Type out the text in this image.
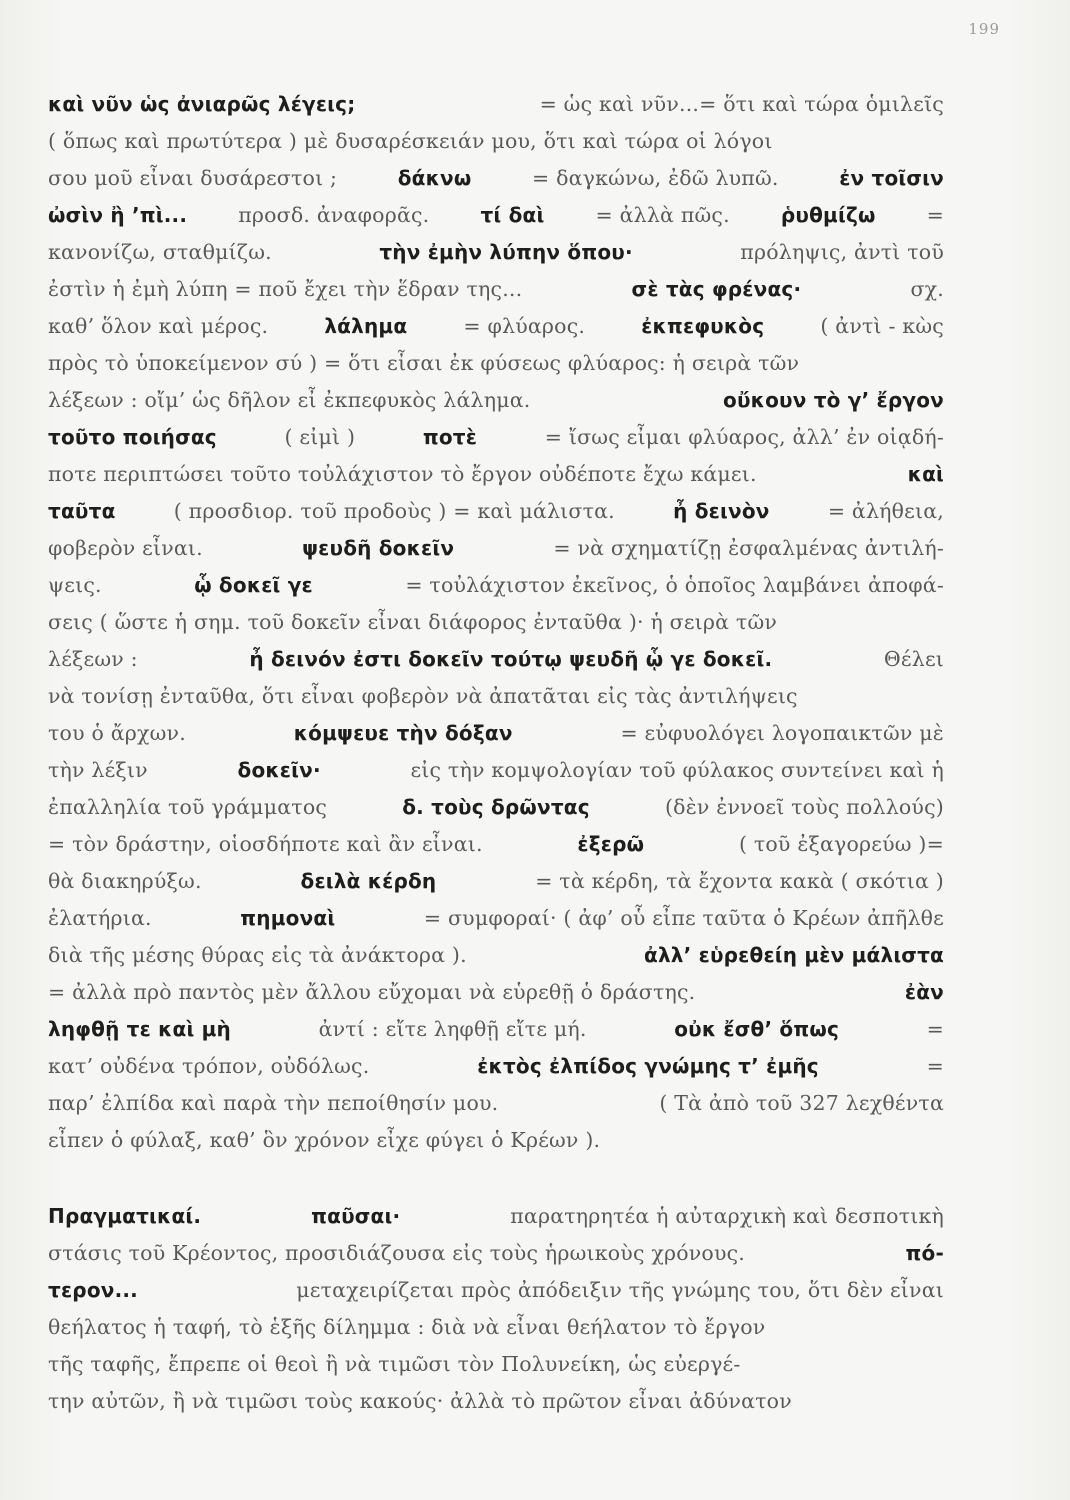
199
καὶ νῦν ὡς ἀνιαρῶς λέγεις;	= ὡς καὶ νῦν...= ὅτι καὶ τώρα ὁμιλεῖς
( ὅπως καὶ πρωτύτερα ) μὲ δυσαρέσκειάν μου, ὅτι καὶ τώρα οἱ λόγοι
σου μοῦ εἶναι δυσάρεστοι ;	δάκνω	= δαγκώνω, ἐδῶ λυπῶ.	ἐν τοῖσιν
ὠσὶν ἢ ’πὶ... προσδ. ἀναφορᾶς.	τί δαὶ = ἀλλὰ πῶς.	ῥυθμίζω =
κανονίζω, σταθμίζω.	τὴν ἐμὴν λύπην ὅπου·	πρόληψις, ἀντὶ τοῦ
ἐστὶν ἡ ἐμὴ λύπη = ποῦ ἔχει τὴν ἕδραν της...	σὲ τὰς φρένας·	σχ.
καθ’ ὅλον καὶ μέρος.	λάλημα	= φλύαρος.	ἐκπεφυκὸς	( ἀντὶ - κὼς
πρὸς τὸ ὑποκείμενον σύ ) = ὅτι εἶσαι ἐκ φύσεως φλύαρος: ἡ σειρὰ τῶν
λέξεων : οἴμ’ ὡς δῆλον εἶ ἐκπεφυκὸς λάλημα.	οὔκουν τὸ γ’ ἔργον
τοῦτο ποιήσας	( εἰμὶ )	ποτὲ	= ἴσως εἶμαι φλύαρος, ἀλλ’ ἐν οἱᾳδή-
ποτε περιπτώσει τοῦτο τοὐλάχιστον τὸ ἔργον οὐδέποτε ἔχω κάμει.	καὶ
ταῦτα	( προσδιορ. τοῦ προδοὺς ) = καὶ μάλιστα.	ἦ δεινὸν	= ἀλήθεια,
φοβερὸν εἶναι.	ψευδῆ δοκεῖν	= νὰ σχηματίζῃ ἐσφαλμένας ἀντιλή-
ψεις.	ᾧ δοκεῖ γε	= τοὐλάχιστον ἐκεῖνος, ὁ ὁποῖος λαμβάνει ἀποφά-
σεις ( ὥστε ἡ σημ. τοῦ δοκεῖν εἶναι διάφορος ἐνταῦθα )· ἡ σειρὰ τῶν
λέξεων :	ἦ δεινόν ἐστι δοκεῖν τούτῳ ψευδῆ ᾧ γε δοκεῖ.	Θέλει
νὰ τονίσῃ ἐνταῦθα, ὅτι εἶναι φοβερὸν νὰ ἀπατᾶται εἰς τὰς ἀντιλήψεις
του ὁ ἄρχων.	κόμψευε τὴν δόξαν	= εὐφυολόγει λογοπαικτῶν μὲ
τὴν λέξιν	δοκεῖν·	εἰς τὴν κομψολογίαν τοῦ φύλακος συντείνει καὶ ἡ
ἐπαλληλία τοῦ γράμματος	δ. τοὺς δρῶντας	(δὲν ἐννοεῖ τοὺς πολλούς)
= τὸν δράστην, οἱοσδήποτε καὶ ἂν εἶναι.	ἐξερῶ	( τοῦ ἐξαγορεύω )=
θὰ διακηρύξω.	δειλὰ κέρδη	= τὰ κέρδη, τὰ ἔχοντα κακὰ ( σκότια )
ἐλατήρια.	πημοναὶ	= συμφοραί· ( ἀφ’ οὗ εἶπε ταῦτα ὁ Κρέων ἀπῆλθε
διὰ τῆς μέσης θύρας εἰς τὰ ἀνάκτορα ).	ἀλλ’ εὑρεθείη μὲν μάλιστα
= ἀλλὰ πρὸ παντὸς μὲν ἄλλου εὔχομαι νὰ εὑρεθῇ ὁ δράστης.	ἐὰν
ληφθῇ τε καὶ μὴ	ἀντί : εἴτε ληφθῇ εἴτε μή.	οὐκ ἔσθ’ ὅπως	=
κατ’ οὐδένα τρόπον, οὐδόλως.	ἐκτὸς ἐλπίδος γνώμης τ’ ἐμῆς	=
παρ’ ἐλπίδα καὶ παρὰ τὴν πεποίθησίν μου.	( Τὰ ἀπὸ τοῦ 327 λεχθέντα
εἶπεν ὁ φύλαξ, καθ’ ὃν χρόνον εἶχε φύγει ὁ Κρέων ).
Πραγματικαί.	παῦσαι·	παρατηρητέα ἡ αὐταρχικὴ καὶ δεσποτικὴ
στάσις τοῦ Κρέοντος, προσιδιάζουσα εἰς τοὺς ἡρωικοὺς χρόνους.	πό-
τερον...	μεταχειρίζεται πρὸς ἀπόδειξιν τῆς γνώμης του, ὅτι δὲν εἶναι
θεήλατος ἡ ταφή, τὸ ἑξῆς δίλημμα : διὰ νὰ εἶναι θεήλατον τὸ ἔργον
τῆς ταφῆς, ἔπρεπε οἱ θεοὶ ἢ νὰ τιμῶσι τὸν Πολυνείκη, ὡς εὐεργέ-
την αὐτῶν, ἢ νὰ τιμῶσι τοὺς κακούς· ἀλλὰ τὸ πρῶτον εἶναι ἀδύνατον
